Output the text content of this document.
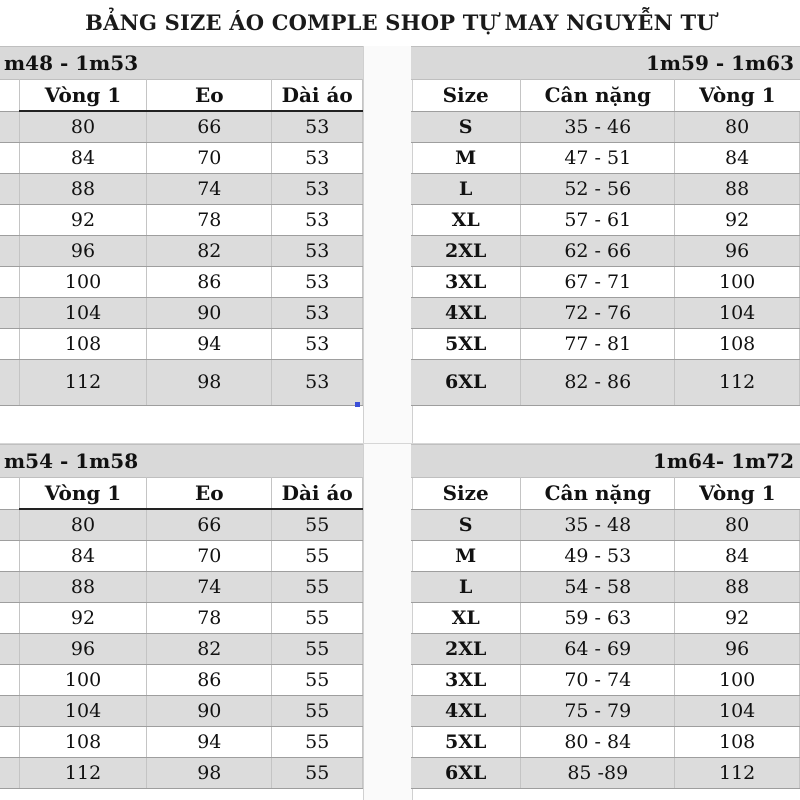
BẢNG SIZE ÁO COMPLE SHOP TỰ MAY NGUYỄN TƯ
m48 - 1m53
	Vòng 1	Eo	Dài áo
	80	66	53
	84	70	53
	88	74	53
	92	78	53
	96	82	53
	100	86	53
	104	90	53
	108	94	53
	112	98	53
1m59 - 1m63
Size	Cân nặng	Vòng 1
S	35 - 46	80
M	47 - 51	84
L	52 - 56	88
XL	57 - 61	92
2XL	62 - 66	96
3XL	67 - 71	100
4XL	72 - 76	104
5XL	77 - 81	108
6XL	82 - 86	112
m54 - 1m58
	Vòng 1	Eo	Dài áo
	80	66	55
	84	70	55
	88	74	55
	92	78	55
	96	82	55
	100	86	55
	104	90	55
	108	94	55
	112	98	55
1m64- 1m72
Size	Cân nặng	Vòng 1
S	35 - 48	80
M	49 - 53	84
L	54 - 58	88
XL	59 - 63	92
2XL	64 - 69	96
3XL	70 - 74	100
4XL	75 - 79	104
5XL	80 - 84	108
6XL	85 -89	112
